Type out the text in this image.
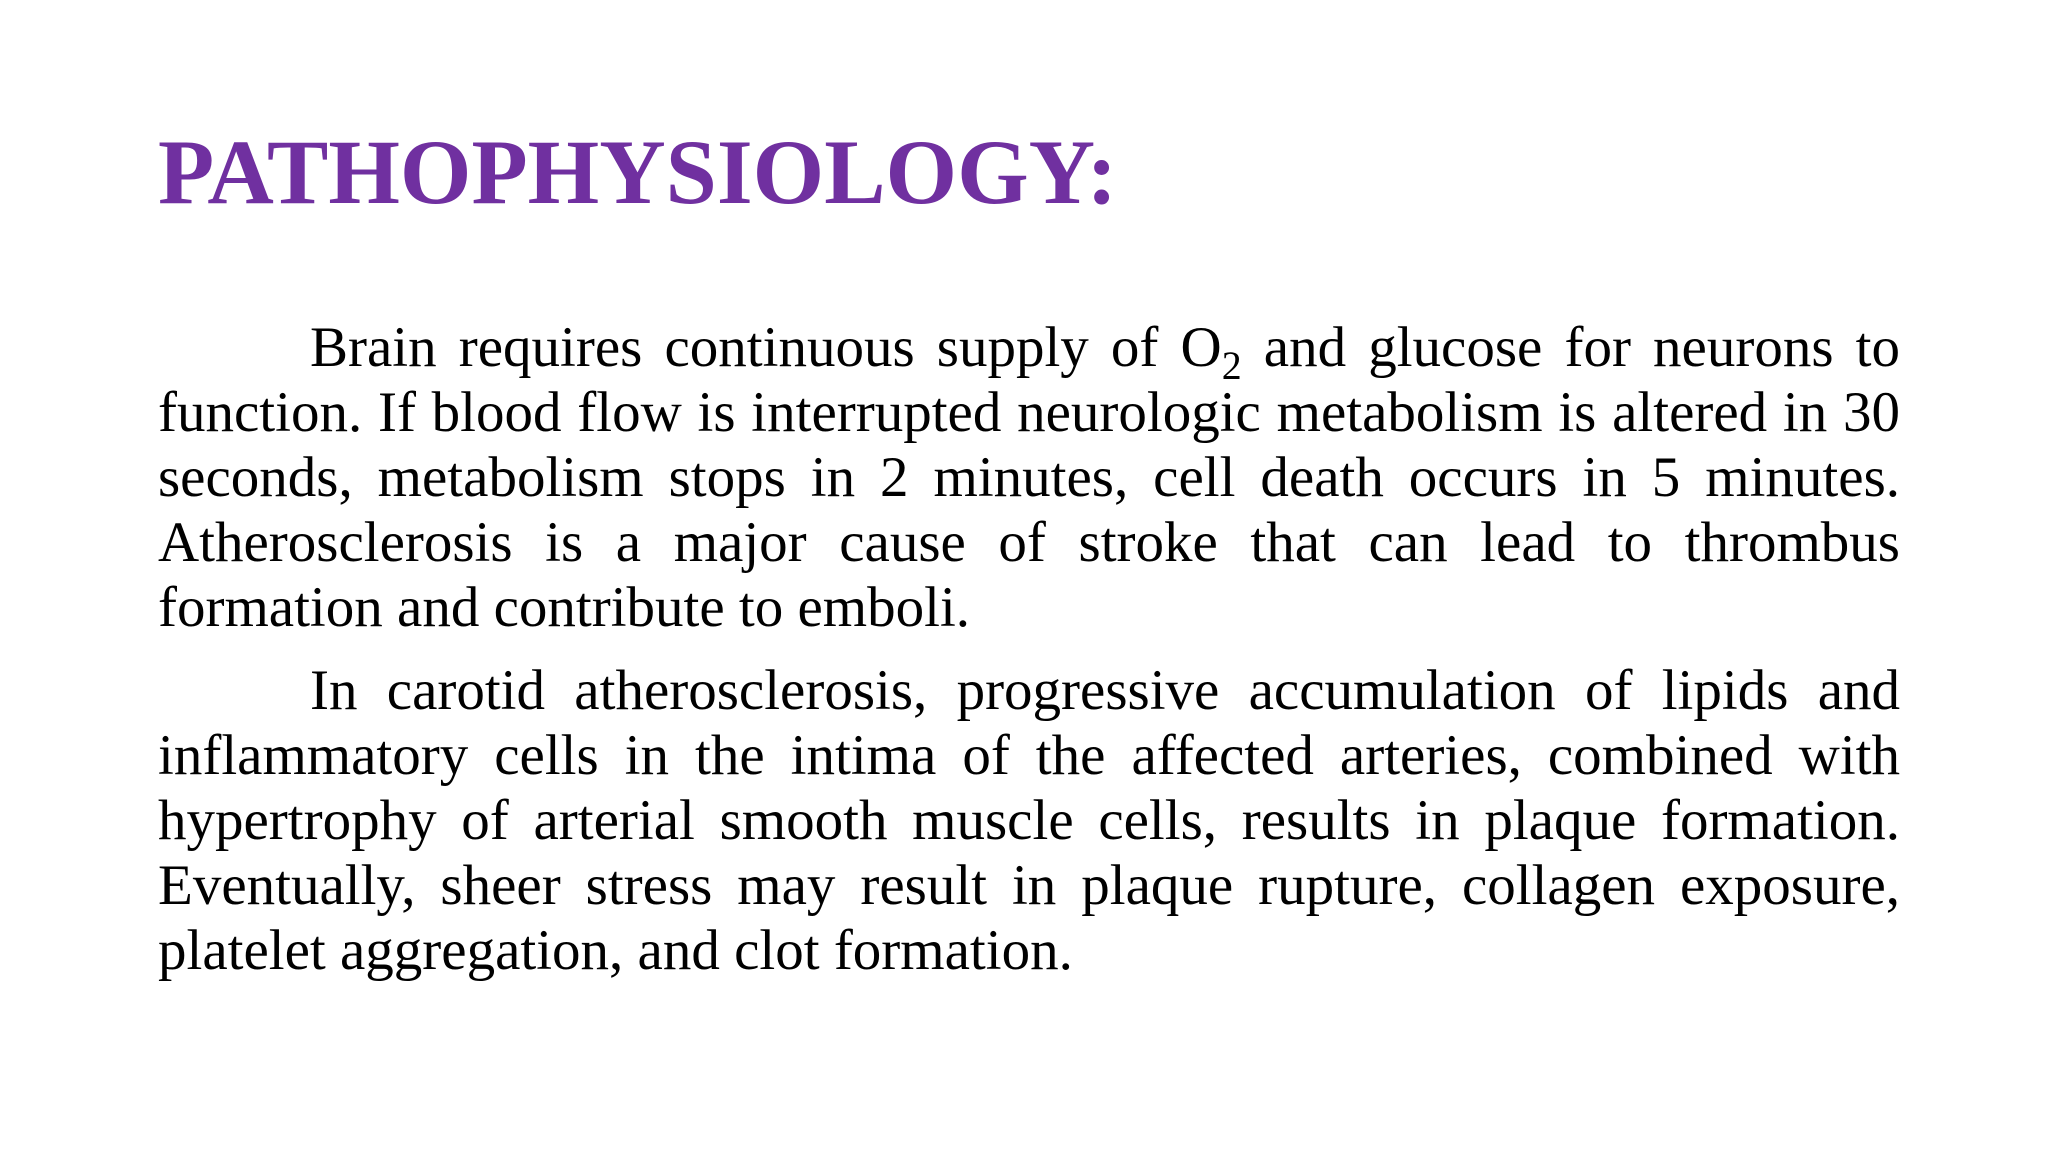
PATHOPHYSIOLOGY:

Brain requires continuous supply of $O_2$ and glucose for neurons to function. If blood flow is interrupted neurologic metabolism is altered in 30 seconds, metabolism stops in 2 minutes, cell death occurs in 5 minutes. Atherosclerosis is a major cause of stroke that can lead to thrombus formation and contribute to emboli.

In carotid atherosclerosis, progressive accumulation of lipids and inflammatory cells in the intima of the affected arteries, combined with hypertrophy of arterial smooth muscle cells, results in plaque formation. Eventually, sheer stress may result in plaque rupture, collagen exposure, platelet aggregation, and clot formation.
